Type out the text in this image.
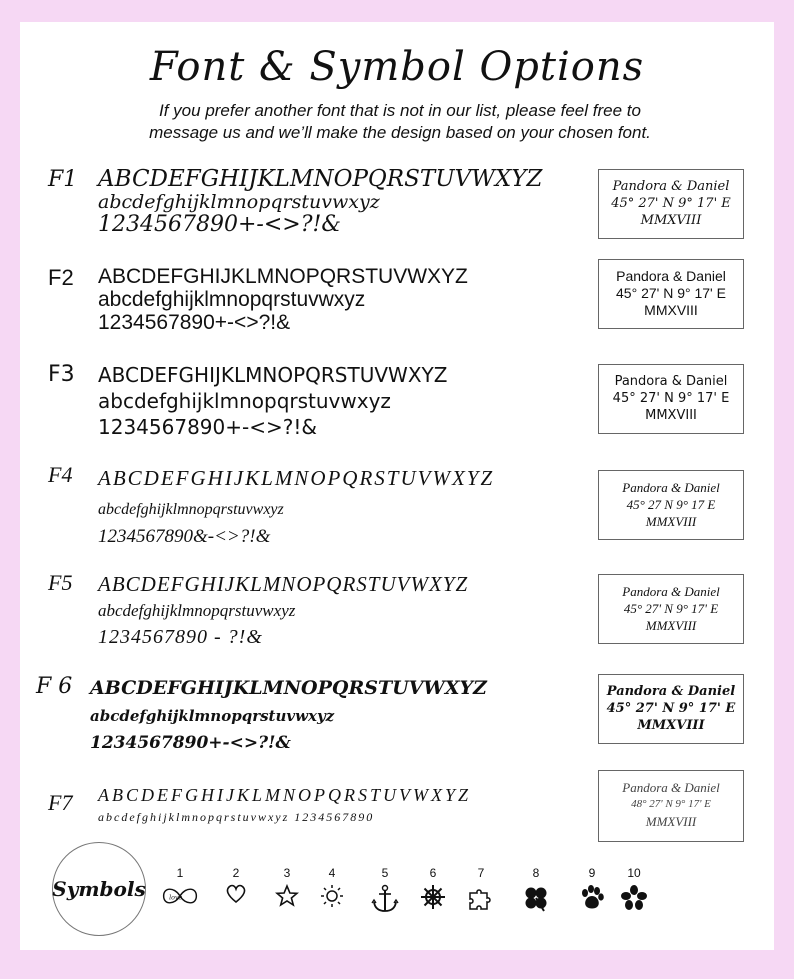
Font & Symbol Options
If you prefer another font that is not in our list, please feel free to
message us and we’ll make the design based on your chosen font.
F1 ABCDEFGHIJKLMNOPQRSTUVWXYZ
abcdefghijklmnopqrstuvwxyz
1234567890+-<>?!&
Pandora & Daniel
45° 27' N 9° 17' E
MMXVIII
F2 ABCDEFGHIJKLMNOPQRSTUVWXYZ
abcdefghijklmnopqrstuvwxyz
1234567890+-<>?!&
Pandora & Daniel
45° 27' N 9° 17' E
MMXVIII
F3 ABCDEFGHIJKLMNOPQRSTUVWXYZ
abcdefghijklmnopqrstuvwxyz
1234567890+-<>?!&
Pandora & Daniel
45° 27' N 9° 17' E
MMXVIII
F4 ABCDEFGHIJKLMNOPQRSTUVWXYZ
abcdefghijklmnopqrstuvwxyz
1234567890&-<>?!&
Pandora & Daniel
45° 27 N 9° 17 E
MMXVIII
F5 ABCDEFGHIJKLMNOPQRSTUVWXYZ
abcdefghijklmnopqrstuvwxyz
1234567890 - ?!&
Pandora & Daniel
45° 27' N 9° 17' E
MMXVIII
F 6 ABCDEFGHIJKLMNOPQRSTUVWXYZ
abcdefghijklmnopqrstuvwxyz
1234567890+-<>?!&
Pandora & Daniel
45° 27' N 9° 17' E
MMXVIII
F7 ABCDEFGHIJKLMNOPQRSTUVWXYZ
abcdefghijklmnopqrstuvwxyz 1234567890
Pandora & Daniel
48° 27' N 9° 17' E
MMXVIII
Symbols
1
love
2	3	4	5	6	7	8	9	10
